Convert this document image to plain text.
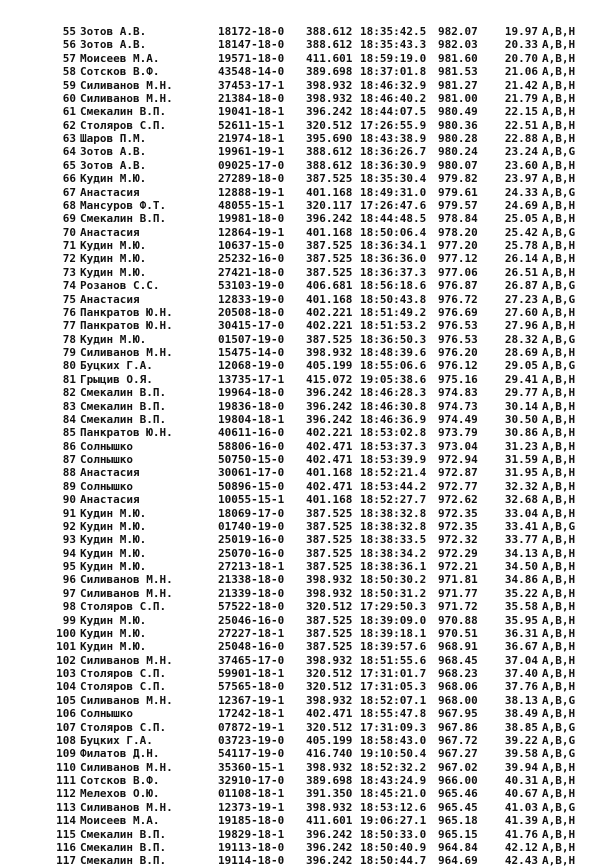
55 Зотов А.В.	18172-18-0 388.612 18:35:42.5 982.07	19.97 A,B,H
56 Зотов А.В.	18147-18-0 388.612 18:35:43.3 982.03	20.33 A,B,H
57 Моисеев М.А.	19571-18-0 411.601 18:59:19.0 981.60	20.70 A,B,H
58 Сотсков В.Ф.	43548-14-0 389.698 18:37:01.8 981.53	21.06 A,B,H
59 Силиванов М.Н.	37453-17-1 398.932 18:46:32.9 981.27	21.42 A,B,H
60 Силиванов М.Н.	21384-18-0 398.932 18:46:40.2 981.00	21.79 A,B,H
61 Смекалин В.П.	19041-18-1 396.242 18:44:07.5 980.49	22.15 A,B,H
62 Столяров С.П.	52611-15-1 320.512 17:26:55.9 980.36	22.51 A,B,H
63 Шаров П.М.	21974-18-1 395.690 18:43:38.9 980.28	22.88 A,B,H
64 Зотов А.В.	19961-19-1 388.612 18:36:26.7 980.24	23.24 A,B,G
65 Зотов А.В.	09025-17-0 388.612 18:36:30.9 980.07	23.60 A,B,H
66 Кудин М.Ю.	27289-18-0 387.525 18:35:30.4 979.82	23.97 A,B,H
67 Анастасия	12888-19-1 401.168 18:49:31.0 979.61	24.33 A,B,G
68 Мансуров Ф.Т.	48055-15-1 320.117 17:26:47.6 979.57	24.69 A,B,H
69 Смекалин В.П.	19981-18-0 396.242 18:44:48.5 978.84	25.05 A,B,H
70 Анастасия	12864-19-1 401.168 18:50:06.4 978.20	25.42 A,B,G
71 Кудин М.Ю.	10637-15-0 387.525 18:36:34.1 977.20	25.78 A,B,H
72 Кудин М.Ю.	25232-16-0 387.525 18:36:36.0 977.12	26.14 A,B,H
73 Кудин М.Ю.	27421-18-0 387.525 18:36:37.3 977.06	26.51 A,B,H
74 Розанов С.С.	53103-19-0 406.681 18:56:18.6 976.87	26.87 A,B,G
75 Анастасия	12833-19-0 401.168 18:50:43.8 976.72	27.23 A,B,G
76 Панкратов Ю.Н.	20508-18-0 402.221 18:51:49.2 976.69	27.60 A,B,H
77 Панкратов Ю.Н.	30415-17-0 402.221 18:51:53.2 976.53	27.96 A,B,H
78 Кудин М.Ю.	01507-19-0 387.525 18:36:50.3 976.53	28.32 A,B,G
79 Силиванов М.Н.	15475-14-0 398.932 18:48:39.6 976.20	28.69 A,B,H
80 Буцких Г.А.	12068-19-0 405.199 18:55:06.6 976.12	29.05 A,B,G
81 Грыцив О.Я.	13735-17-1 415.072 19:05:38.6 975.16	29.41 A,B,H
82 Смекалин В.П.	19964-18-0 396.242 18:46:28.3 974.83	29.77 A,B,H
83 Смекалин В.П.	19836-18-0 396.242 18:46:30.8 974.73	30.14 A,B,H
84 Смекалин В.П.	19804-18-1 396.242 18:46:36.9 974.49	30.50 A,B,H
85 Панкратов Ю.Н.	40611-16-0 402.221 18:53:02.8 973.79	30.86 A,B,H
86 Солнышко	58806-16-0 402.471 18:53:37.3 973.04	31.23 A,B,H
87 Солнышко	50750-15-0 402.471 18:53:39.9 972.94	31.59 A,B,H
88 Анастасия	30061-17-0 401.168 18:52:21.4 972.87	31.95 A,B,H
89 Солнышко	50896-15-0 402.471 18:53:44.2 972.77	32.32 A,B,H
90 Анастасия	10055-15-1 401.168 18:52:27.7 972.62	32.68 A,B,H
91 Кудин М.Ю.	18069-17-0 387.525 18:38:32.8 972.35	33.04 A,B,H
92 Кудин М.Ю.	01740-19-0 387.525 18:38:32.8 972.35	33.41 A,B,G
93 Кудин М.Ю.	25019-16-0 387.525 18:38:33.5 972.32	33.77 A,B,H
94 Кудин М.Ю.	25070-16-0 387.525 18:38:34.2 972.29	34.13 A,B,H
95 Кудин М.Ю.	27213-18-1 387.525 18:38:36.1 972.21	34.50 A,B,H
96 Силиванов М.Н.	21338-18-0 398.932 18:50:30.2 971.81	34.86 A,B,H
97 Силиванов М.Н.	21339-18-0 398.932 18:50:31.2 971.77	35.22 A,B,H
98 Столяров С.П.	57522-18-0 320.512 17:29:50.3 971.72	35.58 A,B,H
99 Кудин М.Ю.	25046-16-0 387.525 18:39:09.0 970.88	35.95 A,B,H
100 Кудин М.Ю.	27227-18-1 387.525 18:39:18.1 970.51	36.31 A,B,H
101 Кудин М.Ю.	25048-16-0 387.525 18:39:57.6 968.91	36.67 A,B,H
102 Силиванов М.Н.	37465-17-0 398.932 18:51:55.6 968.45	37.04 A,B,H
103 Столяров С.П.	59901-18-1 320.512 17:31:01.7 968.23	37.40 A,B,H
104 Столяров С.П.	57565-18-0 320.512 17:31:05.3 968.06	37.76 A,B,H
105 Силиванов М.Н.	12367-19-1 398.932 18:52:07.1 968.00	38.13 A,B,G
106 Солнышко	17242-18-1 402.471 18:55:47.8 967.95	38.49 A,B,H
107 Столяров С.П.	07872-19-1 320.512 17:31:09.3 967.86	38.85 A,B,G
108 Буцких Г.А.	03723-19-0 405.199 18:58:43.0 967.72	39.22 A,B,G
109 Филатов Д.Н.	54117-19-0 416.740 19:10:50.4 967.27	39.58 A,B,G
110 Силиванов М.Н.	35360-15-1 398.932 18:52:32.2 967.02	39.94 A,B,H
111 Сотсков В.Ф.	32910-17-0 389.698 18:43:24.9 966.00	40.31 A,B,H
112 Мелехов О.Ю.	01108-18-1 391.350 18:45:21.0 965.46	40.67 A,B,H
113 Силиванов М.Н.	12373-19-1 398.932 18:53:12.6 965.45	41.03 A,B,G
114 Моисеев М.А.	19185-18-0 411.601 19:06:27.1 965.18	41.39 A,B,H
115 Смекалин В.П.	19829-18-1 396.242 18:50:33.0 965.15	41.76 A,B,H
116 Смекалин В.П.	19113-18-0 396.242 18:50:40.9 964.84	42.12 A,B,H
117 Смекалин В.П.	19114-18-0 396.242 18:50:44.7 964.69	42.43 A,B,H
